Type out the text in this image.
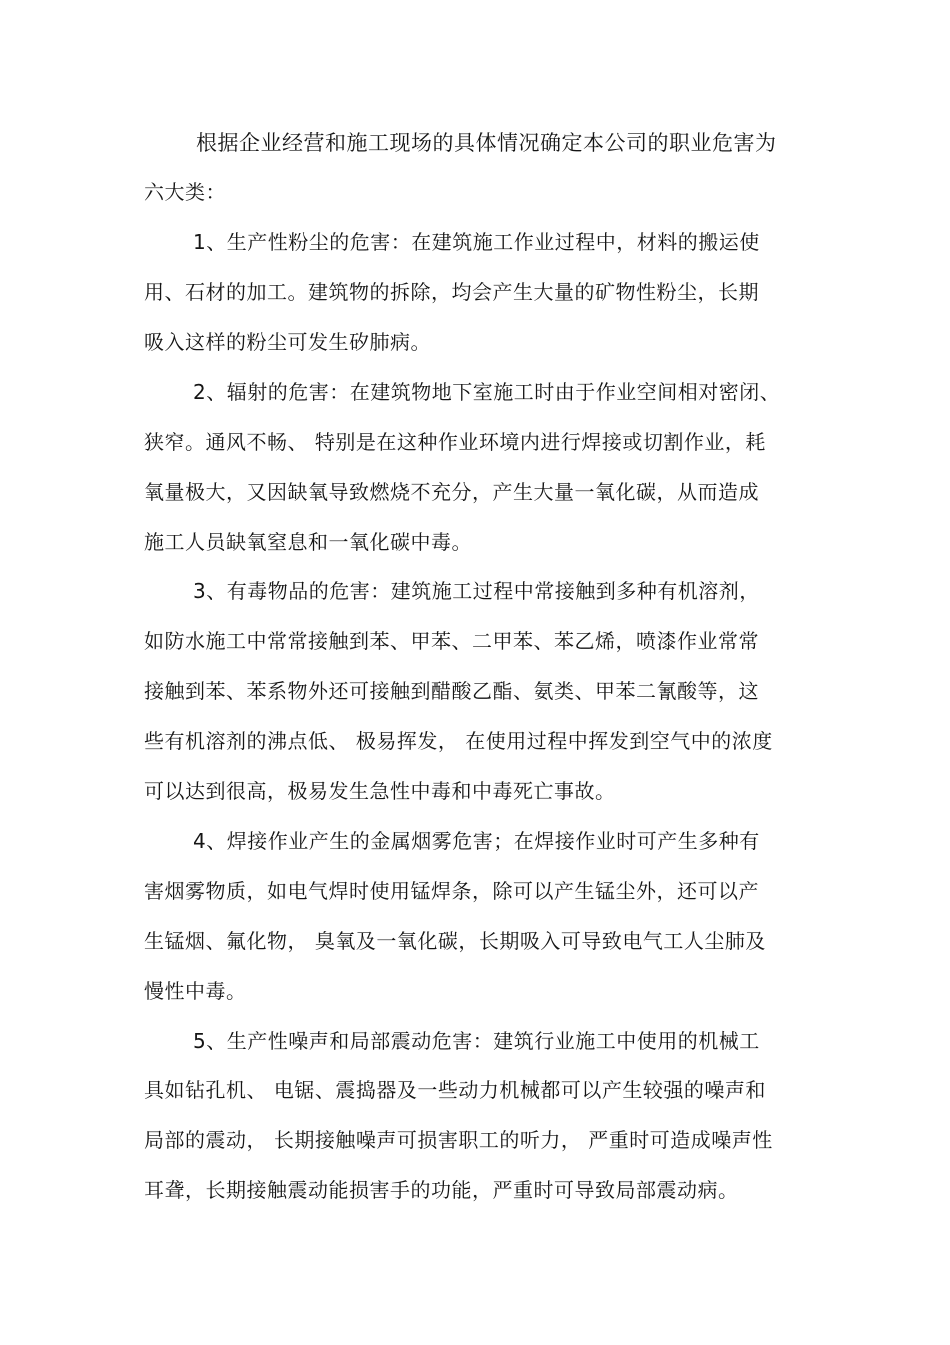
根据企业经营和施工现场的具体情况确定本公司的职业危害为

六大类：

1、生产性粉尘的危害：在建筑施工作业过程中，材料的搬运使

用、石材的加工。建筑物的拆除，均会产生大量的矿物性粉尘，长期

吸入这样的粉尘可发生矽肺病。

2、辐射的危害：在建筑物地下室施工时由于作业空间相对密闭、

狭窄。通风不畅、 特别是在这种作业环境内进行焊接或切割作业，耗

氧量极大，又因缺氧导致燃烧不充分，产生大量一氧化碳，从而造成

施工人员缺氧窒息和一氧化碳中毒。

3、有毒物品的危害：建筑施工过程中常接触到多种有机溶剂，

如防水施工中常常接触到苯、甲苯、二甲苯、苯乙烯，喷漆作业常常

接触到苯、苯系物外还可接触到醋酸乙酯、氨类、甲苯二氰酸等，这

些有机溶剂的沸点低、 极易挥发， 在使用过程中挥发到空气中的浓度

可以达到很高，极易发生急性中毒和中毒死亡事故。

4、焊接作业产生的金属烟雾危害；在焊接作业时可产生多种有

害烟雾物质，如电气焊时使用锰焊条，除可以产生锰尘外，还可以产

生锰烟、氟化物， 臭氧及一氧化碳，长期吸入可导致电气工人尘肺及

慢性中毒。

5、生产性噪声和局部震动危害：建筑行业施工中使用的机械工

具如钻孔机、 电锯、震捣器及一些动力机械都可以产生较强的噪声和

局部的震动， 长期接触噪声可损害职工的听力， 严重时可造成噪声性

耳聋，长期接触震动能损害手的功能，严重时可导致局部震动病。
